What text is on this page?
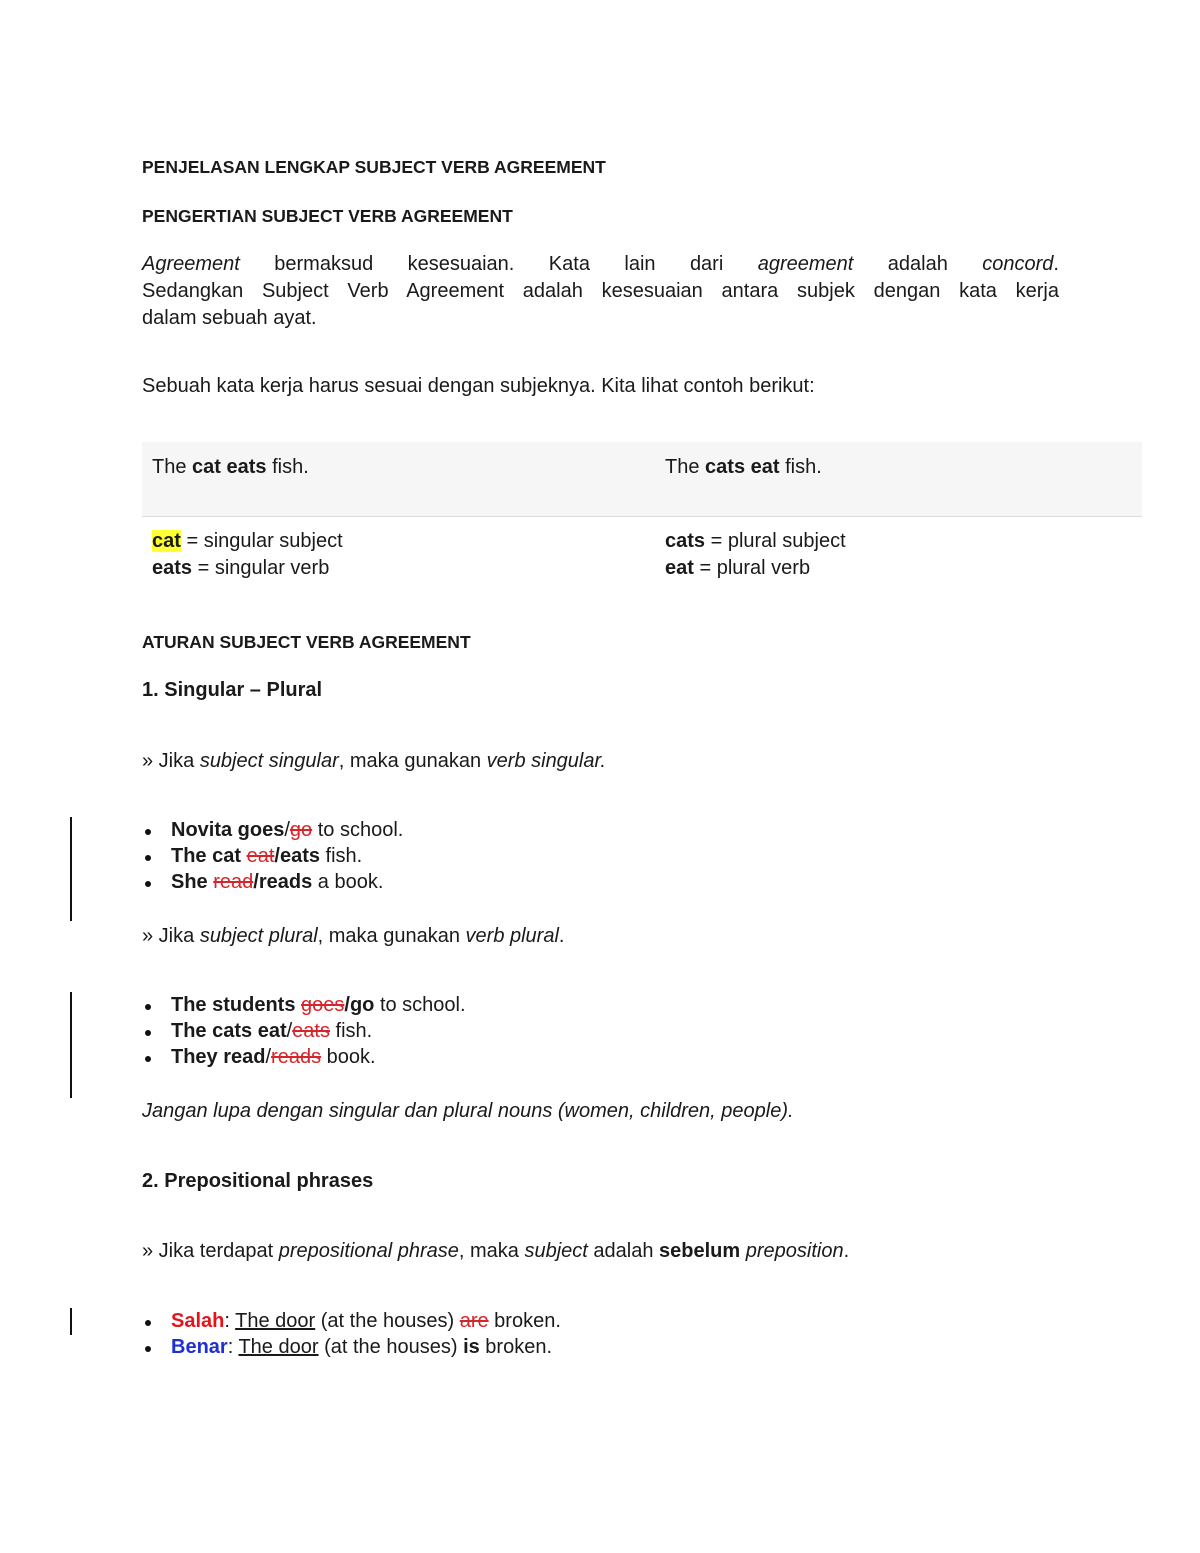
PENJELASAN LENGKAP SUBJECT VERB AGREEMENT
PENGERTIAN SUBJECT VERB AGREEMENT
Agreement bermaksud kesesuaian. Kata lain dari agreement adalah concord.
Sedangkan Subject Verb Agreement adalah kesesuaian antara subjek dengan kata kerja
dalam sebuah ayat.
Sebuah kata kerja harus sesuai dengan subjeknya. Kita lihat contoh berikut:
The cat eats fish.	The cats eat fish.
cat = singular subject
eats = singular verb
cats = plural subject
eat = plural verb
ATURAN SUBJECT VERB AGREEMENT
1. Singular – Plural
» Jika subject singular, maka gunakan verb singular.
Novita goes/go to school.
The cat eat/eats fish.
She read/reads a book.
» Jika subject plural, maka gunakan verb plural.
The students goes/go to school.
The cats eat/eats fish.
They read/reads book.
Jangan lupa dengan singular dan plural nouns (women, children, people).
2. Prepositional phrases
» Jika terdapat prepositional phrase, maka subject adalah sebelum preposition.
Salah: The door (at the houses) are broken.
Benar: The door (at the houses) is broken.
